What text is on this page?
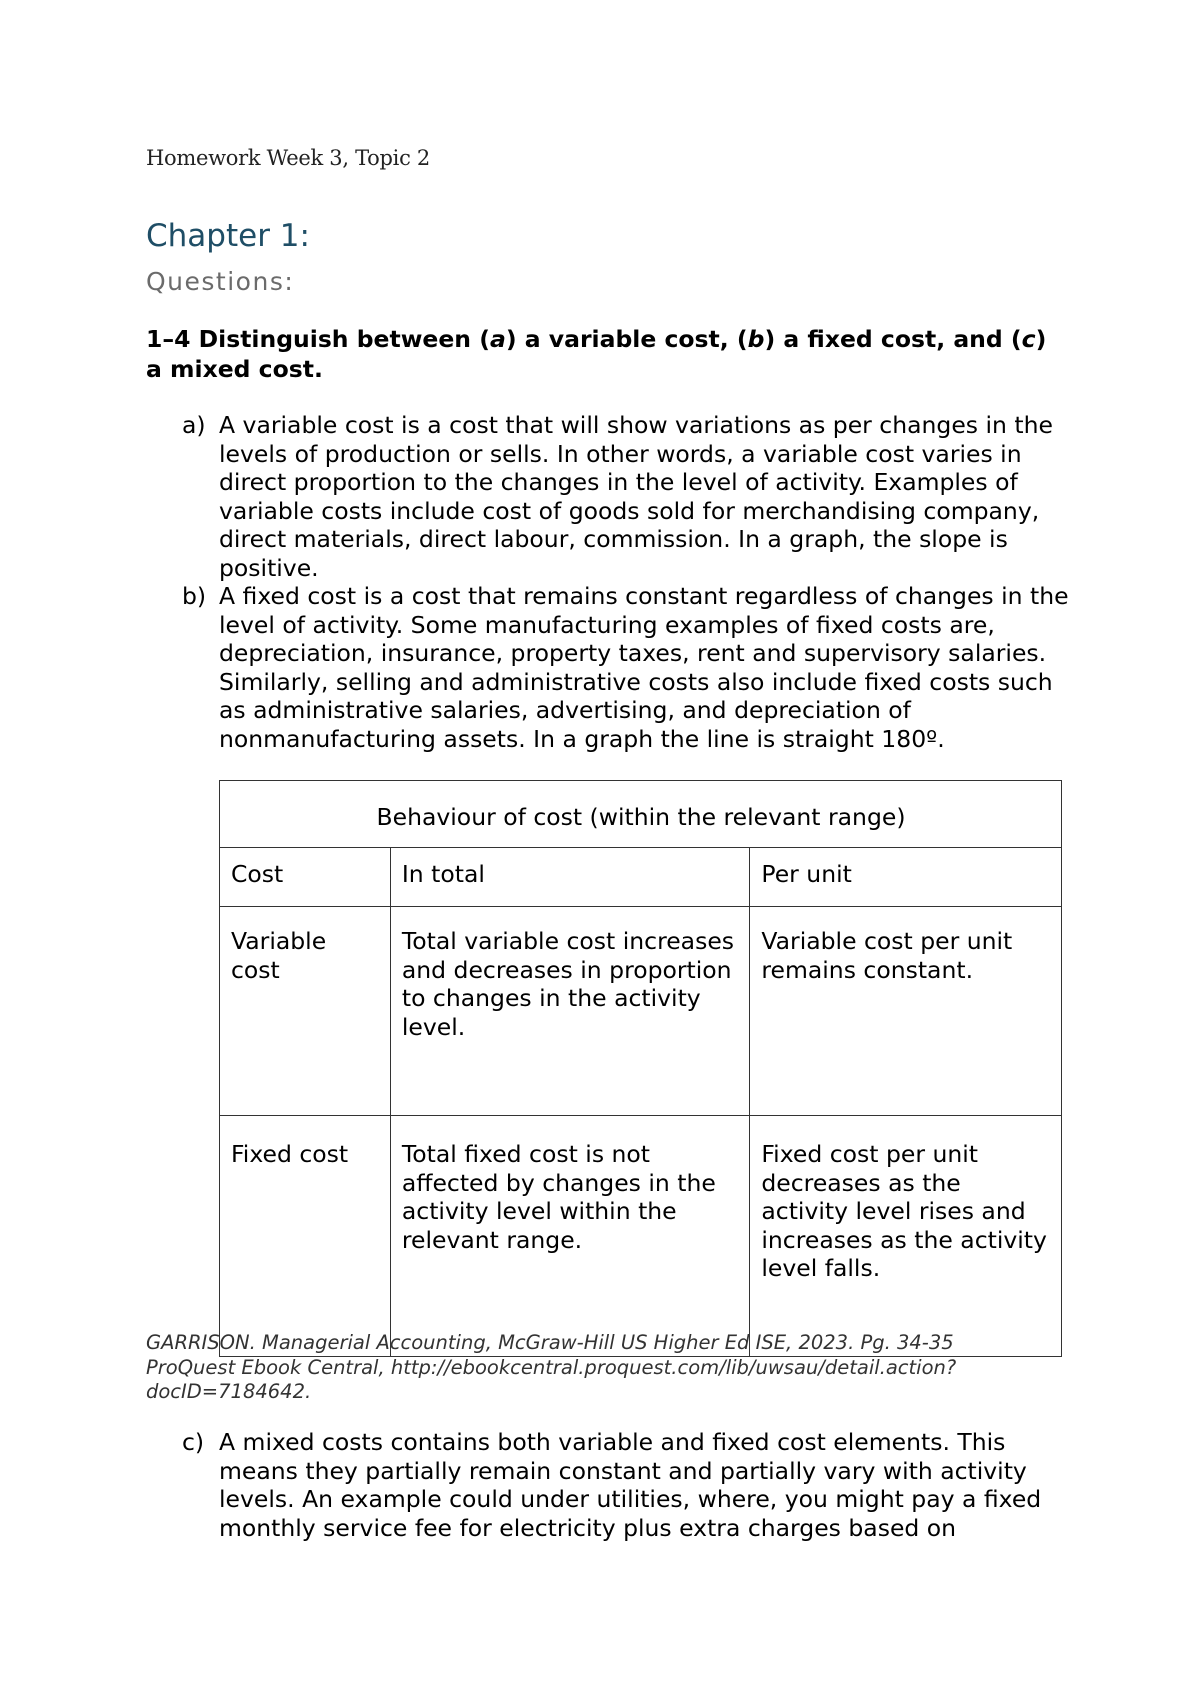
Homework Week 3, Topic 2
Chapter 1:
Questions:
1–4 Distinguish between (a) a variable cost, (b) a fixed cost, and (c) a mixed cost.
a) A variable cost is a cost that will show variations as per changes in the levels of production or sells. In other words, a variable cost varies in direct proportion to the changes in the level of activity. Examples of variable costs include cost of goods sold for merchandising company, direct materials, direct labour, commission. In a graph, the slope is positive.
b) A fixed cost is a cost that remains constant regardless of changes in the level of activity. Some manufacturing examples of fixed costs are, depreciation, insurance, property taxes, rent and supervisory salaries. Similarly, selling and administrative costs also include fixed costs such as administrative salaries, advertising, and depreciation of nonmanufacturing assets. In a graph the line is straight 180º.
Behaviour of cost (within the relevant range)		
Cost	In total	Per unit
Variable cost	Total variable cost increases and decreases in proportion to changes in the activity level.	Variable cost per unit remains constant.
Fixed cost	Total fixed cost is not affected by changes in the activity level within the relevant range.	Fixed cost per unit decreases as the activity level rises and increases as the activity level falls.
GARRISON. Managerial Accounting, McGraw-Hill US Higher Ed ISE, 2023. Pg. 34-35 ProQuest Ebook Central, http://ebookcentral.proquest.com/lib/uwsau/detail.action?docID=7184642.
c) A mixed costs contains both variable and fixed cost elements. This means they partially remain constant and partially vary with activity levels. An example could under utilities, where, you might pay a fixed monthly service fee for electricity plus extra charges based on
